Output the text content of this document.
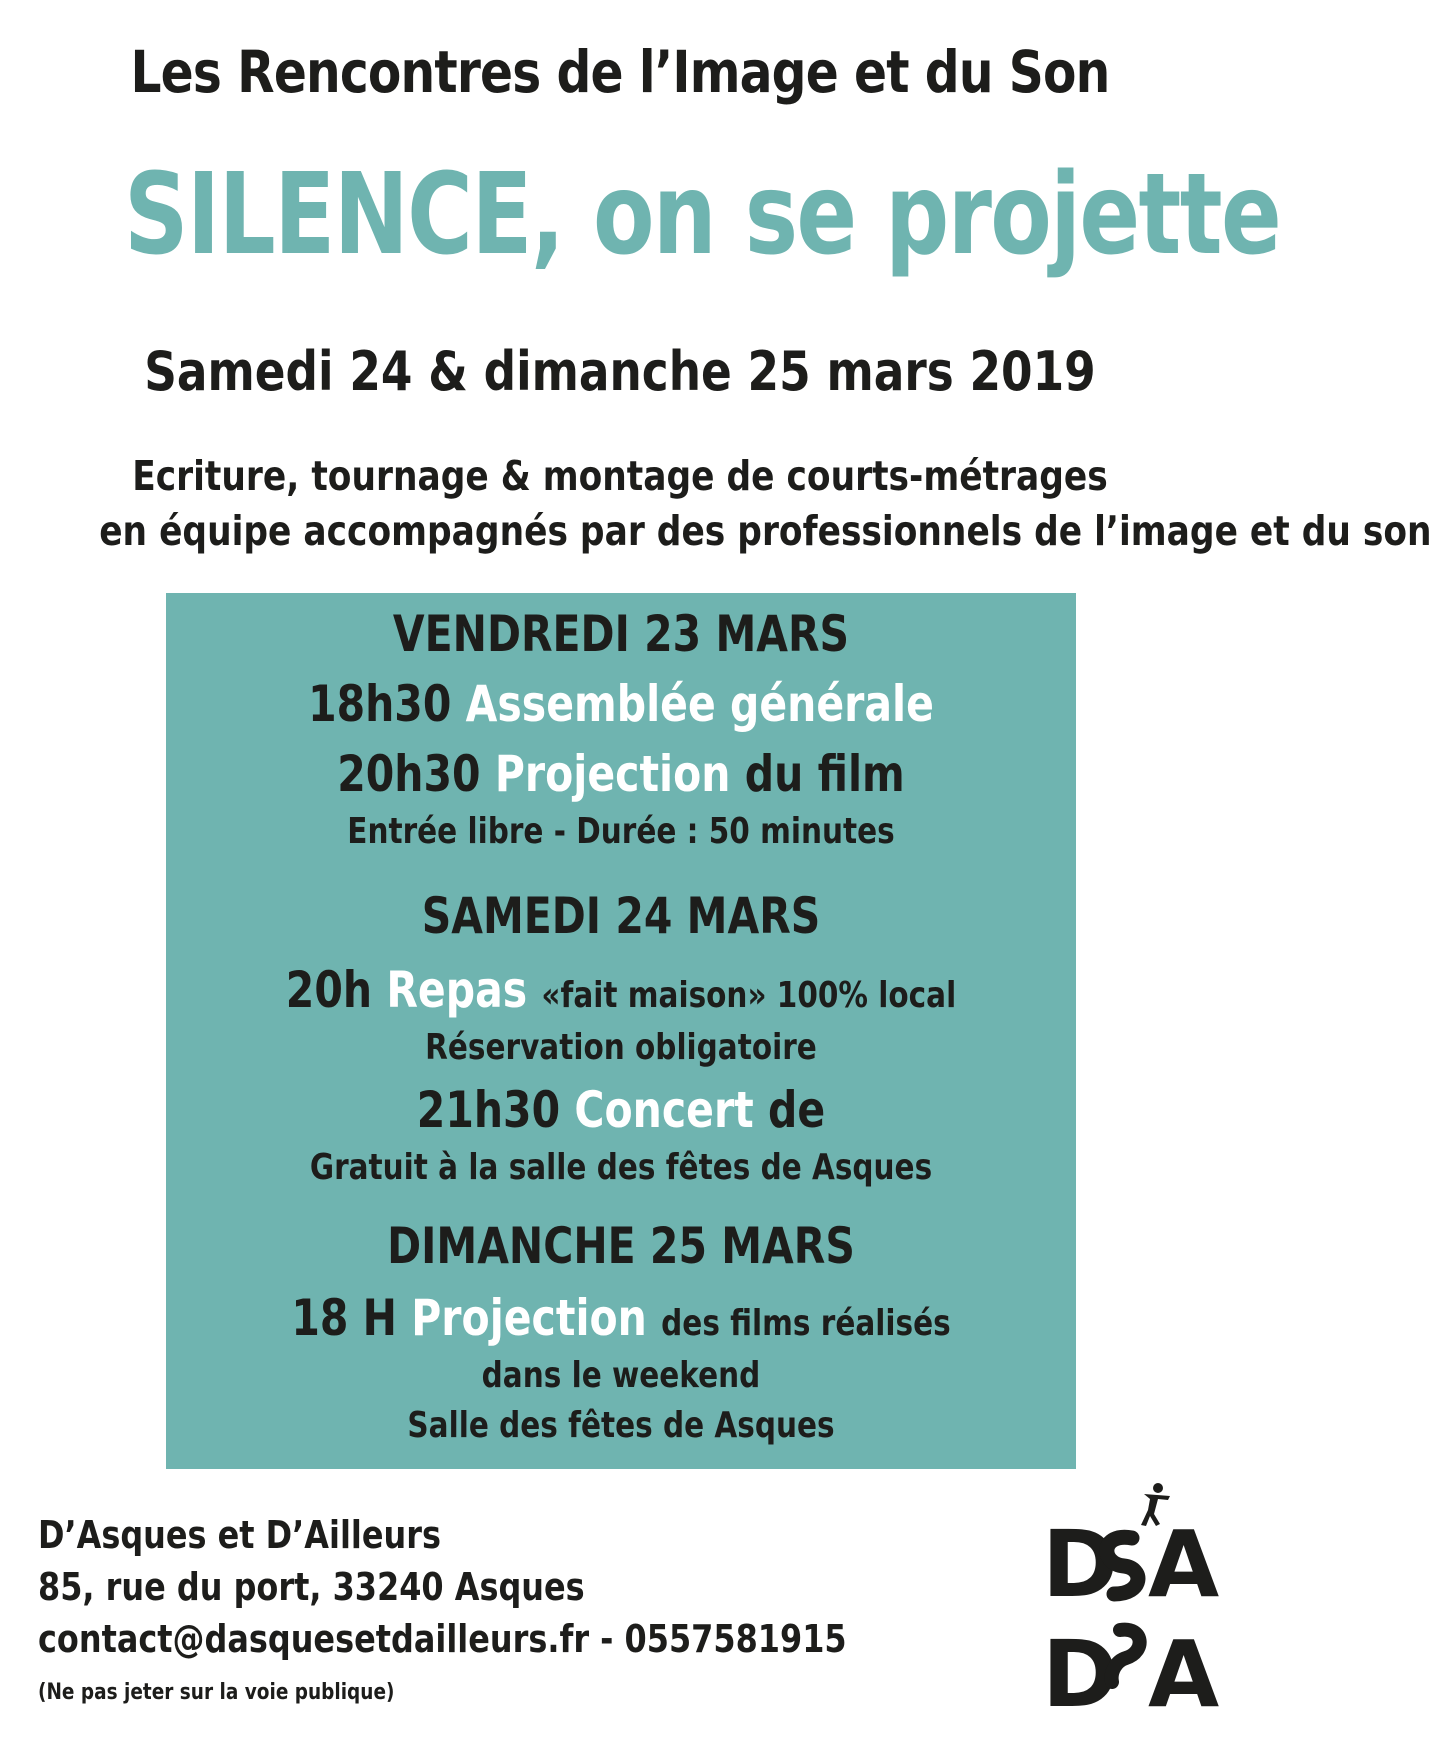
Les Rencontres de l’Image et du Son
SILENCE, on se projette
Samedi 24 & dimanche 25 mars 2019
Ecriture, tournage & montage de courts-métrages
en équipe accompagnés par des professionnels de l’image et du son
VENDREDI 23 MARS
18h30 Assemblée générale
20h30 Projection du film
Entrée libre - Durée : 50 minutes
SAMEDI 24 MARS
20h Repas «fait maison» 100% local
Réservation obligatoire
21h30 Concert de
Gratuit à la salle des fêtes de Asques
DIMANCHE 25 MARS
18 H Projection des films réalisés
dans le weekend
Salle des fêtes de Asques
D’Asques et D’Ailleurs
85, rue du port, 33240 Asques
contact@dasquesetdailleurs.fr - 0557581915
(Ne pas jeter sur la voie publique)
D A
D A
